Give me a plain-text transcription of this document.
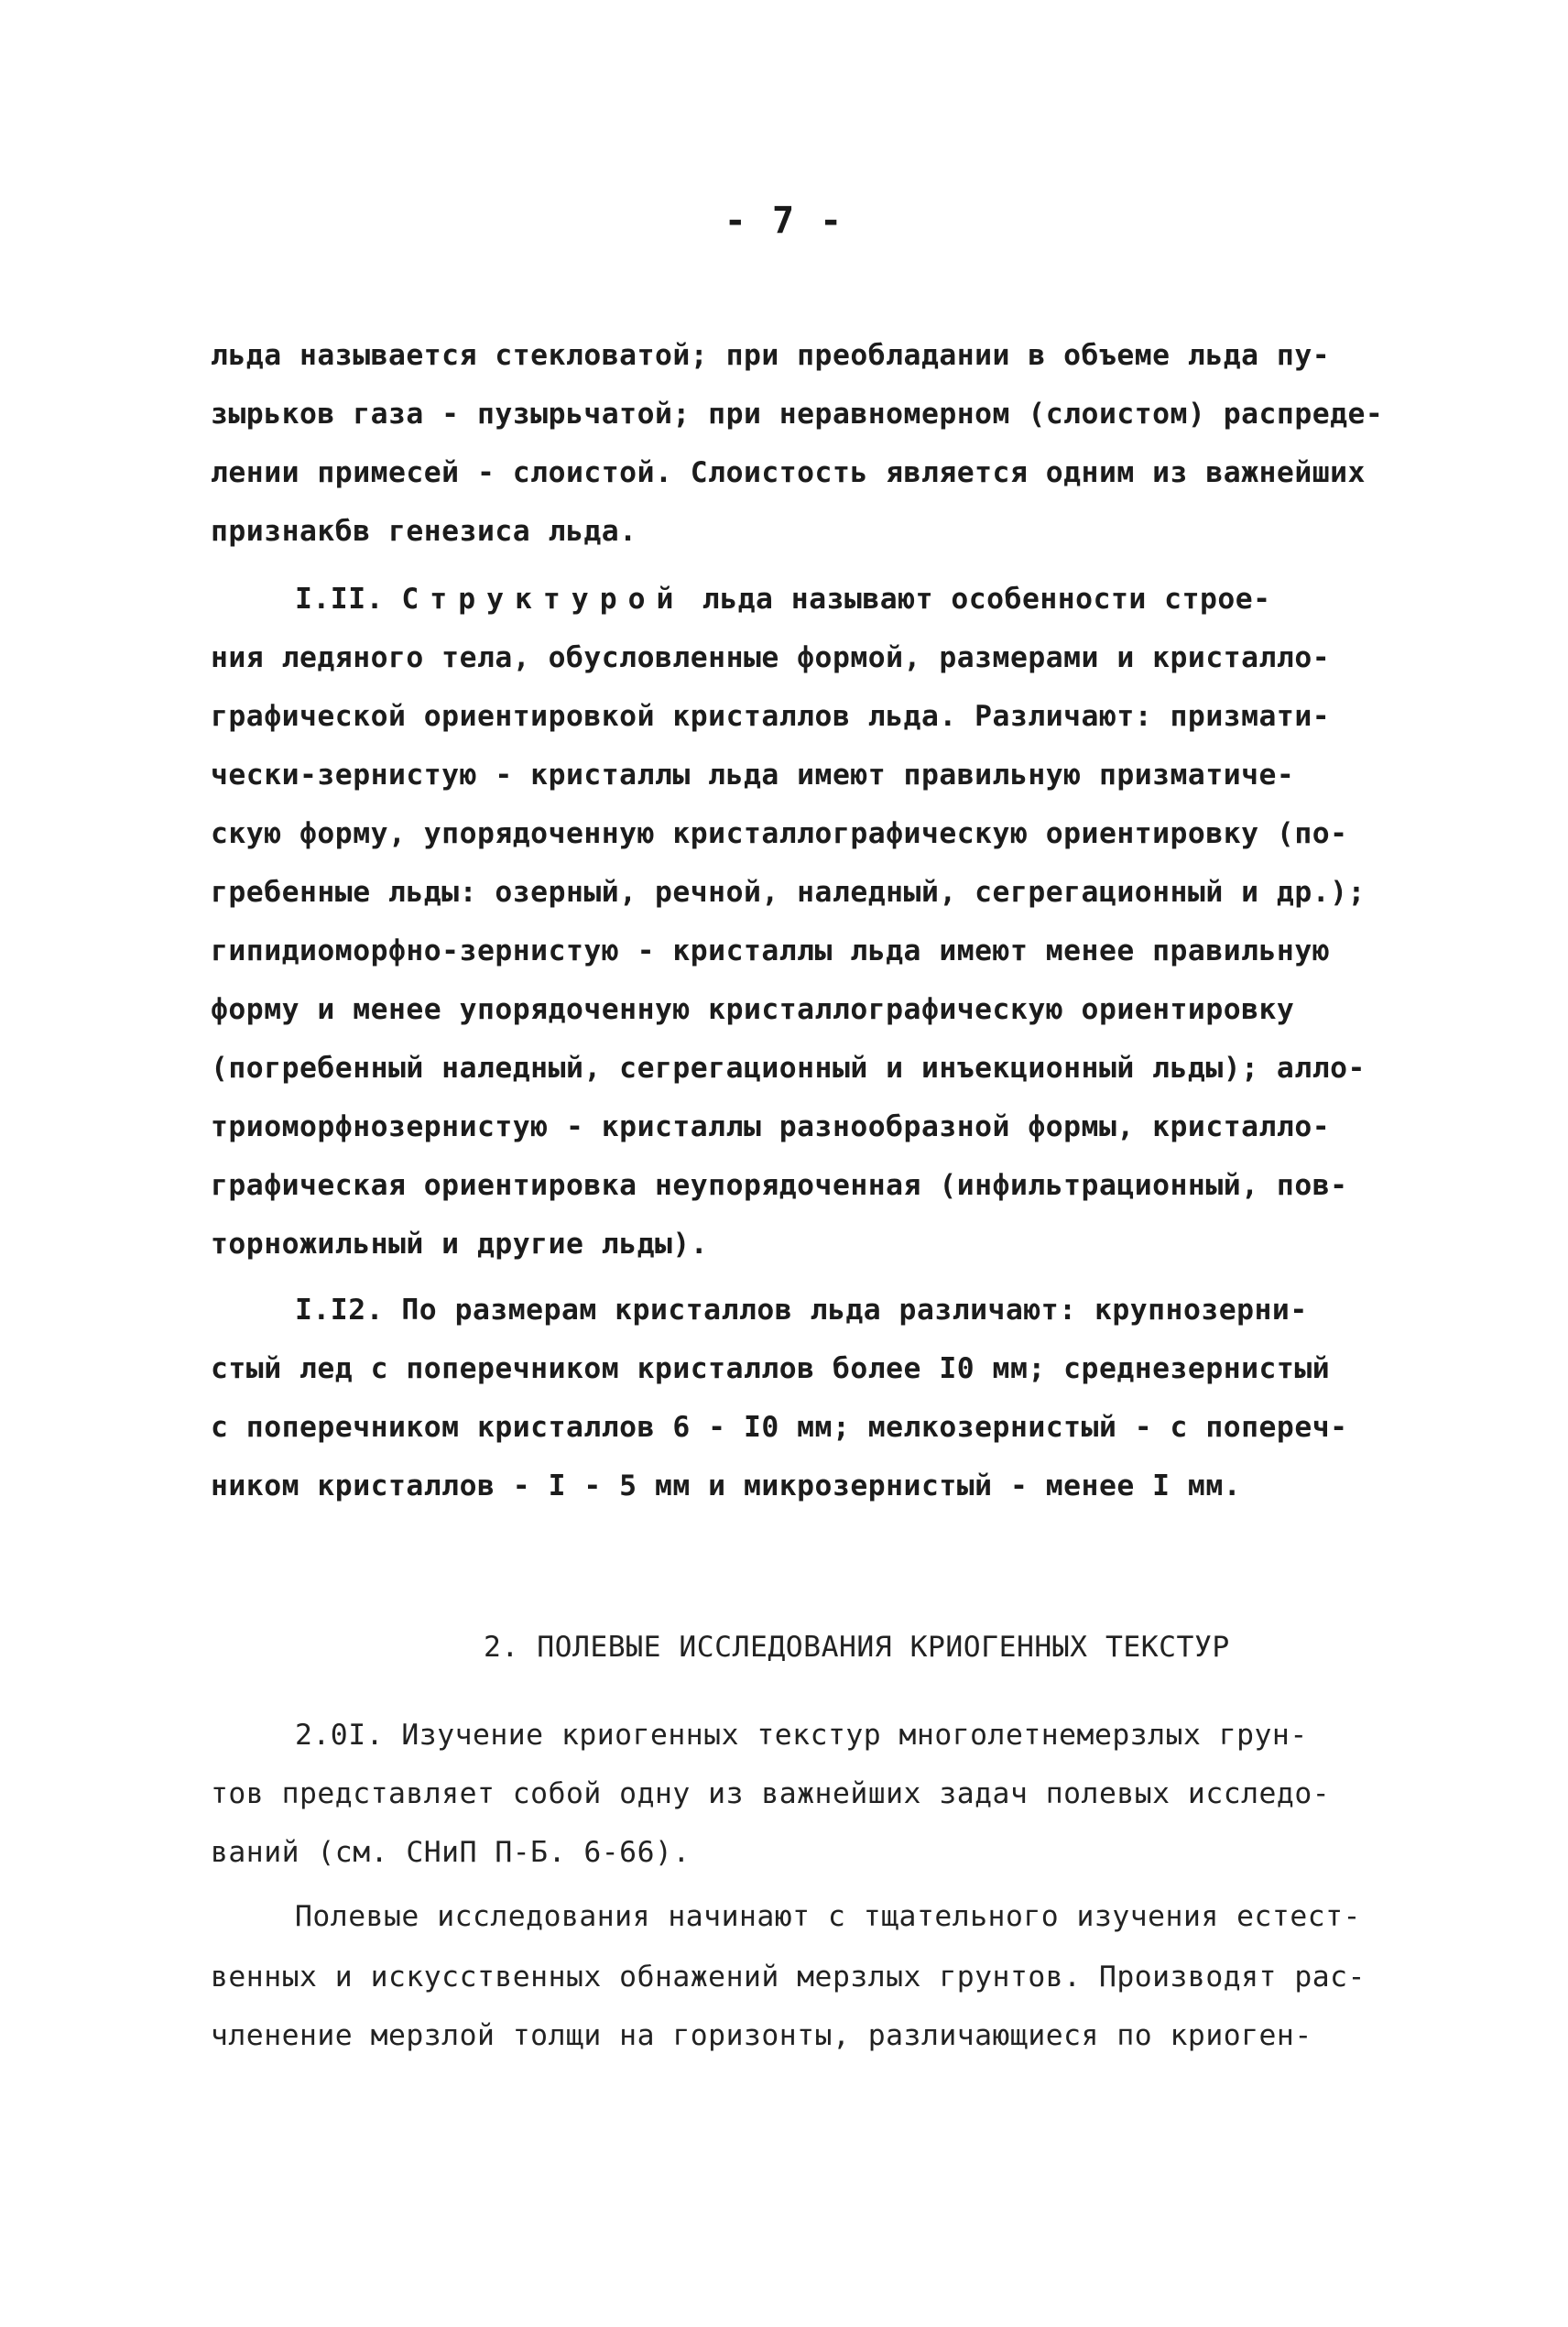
- 7 -
льда называется стекловатой; при преобладании в объеме льда пу-
зырьков газа - пузырьчатой; при неравномерном (слоистом) распреде-
лении примесей - слоистой. Слоистость является одним из важнейших
признакбв генезиса льда.
I.II. Структурой льда называют особенности строе-
ния ледяного тела, обусловленные формой, размерами и кристалло-
графической ориентировкой кристаллов льда. Различают: призмати-
чески-зернистую - кристаллы льда имеют правильную призматиче-
скую форму, упорядоченную кристаллографическую ориентировку (по-
гребенные льды: озерный, речной, наледный, сегрегационный и др.);
гипидиоморфно-зернистую - кристаллы льда имеют менее правильную
форму и менее упорядоченную кристаллографическую ориентировку
(погребенный наледный, сегрегационный и инъекционный льды); алло-
триоморфнозернистую - кристаллы разнообразной формы, кристалло-
графическая ориентировка неупорядоченная (инфильтрационный, пов-
торножильный и другие льды).
I.I2. По размерам кристаллов льда различают: крупнозерни-
стый лед с поперечником кристаллов более I0 мм; среднезернистый
с поперечником кристаллов 6 - I0 мм; мелкозернистый - с попереч-
ником кристаллов - I - 5 мм и микрозернистый - менее I мм.
2. ПОЛЕВЫЕ ИССЛЕДОВАНИЯ КРИОГЕННЫХ ТЕКСТУР
2.0I. Изучение криогенных текстур многолетнемерзлых грун-
тов представляет собой одну из важнейших задач полевых исследо-
ваний (см. СНиП П-Б. 6-66).
Полевые исследования начинают с тщательного изучения естест-
венных и искусственных обнажений мерзлых грунтов. Производят рас-
членение мерзлой толщи на горизонты, различающиеся по криоген-
